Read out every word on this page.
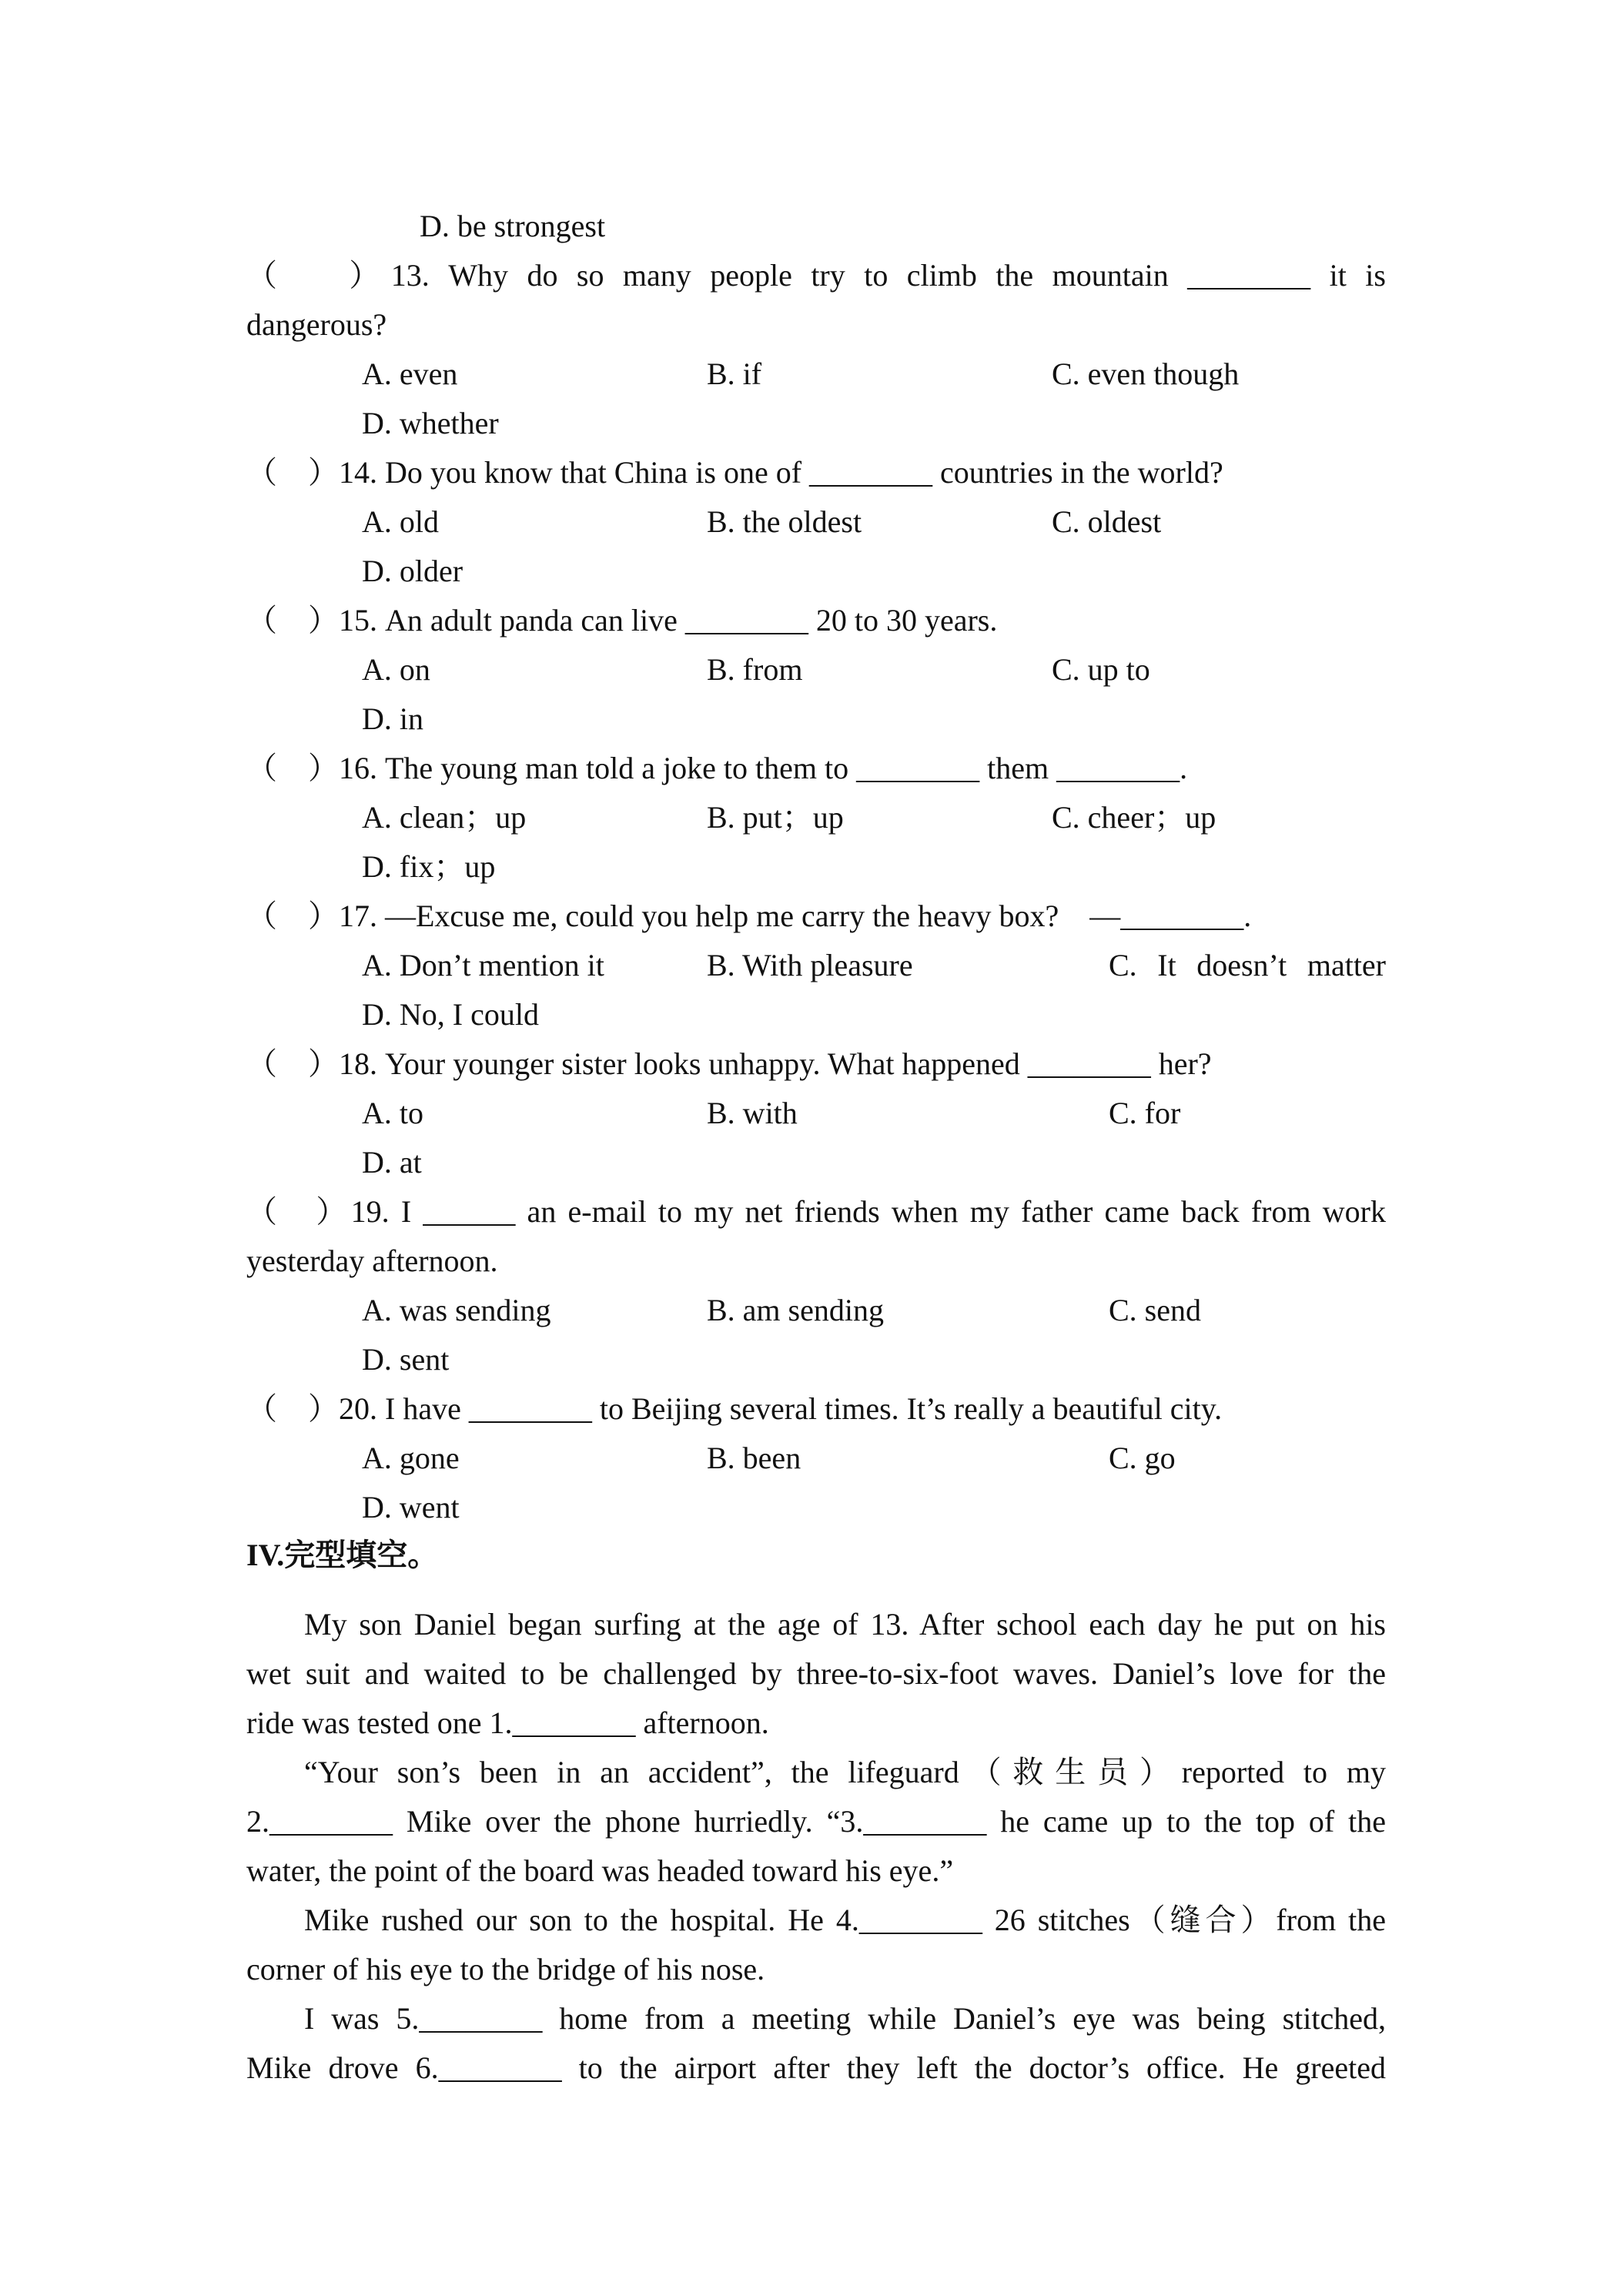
D. be strongest
（　 ）13. Why do so many people try to climb the mountain ________ it is
dangerous?
A. even	B. if	C. even though
D. whether
（　）14. Do you know that China is one of ________ countries in the world?
A. old	B. the oldest	C. oldest
D. older
（　）15. An adult panda can live ________ 20 to 30 years.
A. on	B. from	C. up to
D. in
（　）16. The young man told a joke to them to ________ them ________.
A. clean；up	B. put；up	C. cheer；up
D. fix；up
（　）17. —Excuse me, could you help me carry the heavy box?　—________.
A. Don’t mention it	B. With pleasure	C. It doesn’t matter
D. No, I could
（　）18. Your younger sister looks unhappy. What happened ________ her?
A. to	B. with	C. for
D. at
（　）19. I ______ an e-mail to my net friends when my father came back from work
yesterday afternoon.
A. was sending	B. am sending	C. send
D. sent
（　）20. I have ________ to Beijing several times. It’s really a beautiful city.
A. gone	B. been	C. go
D. went
IV.完型填空。
My son Daniel began surfing at the age of 13. After school each day he put on his
wet suit and waited to be challenged by three-to-six-foot waves. Daniel’s love for the
ride was tested one 1.________ afternoon.
“Your son’s been in an accident”, the lifeguard（救生员）reported to my
2.________ Mike over the phone hurriedly. “3.________ he came up to the top of the
water, the point of the board was headed toward his eye.”
Mike rushed our son to the hospital. He 4.________ 26 stitches（缝合）from the
corner of his eye to the bridge of his nose.
I was 5.________ home from a meeting while Daniel’s eye was being stitched,
Mike drove 6.________ to the airport after they left the doctor’s office. He greeted
